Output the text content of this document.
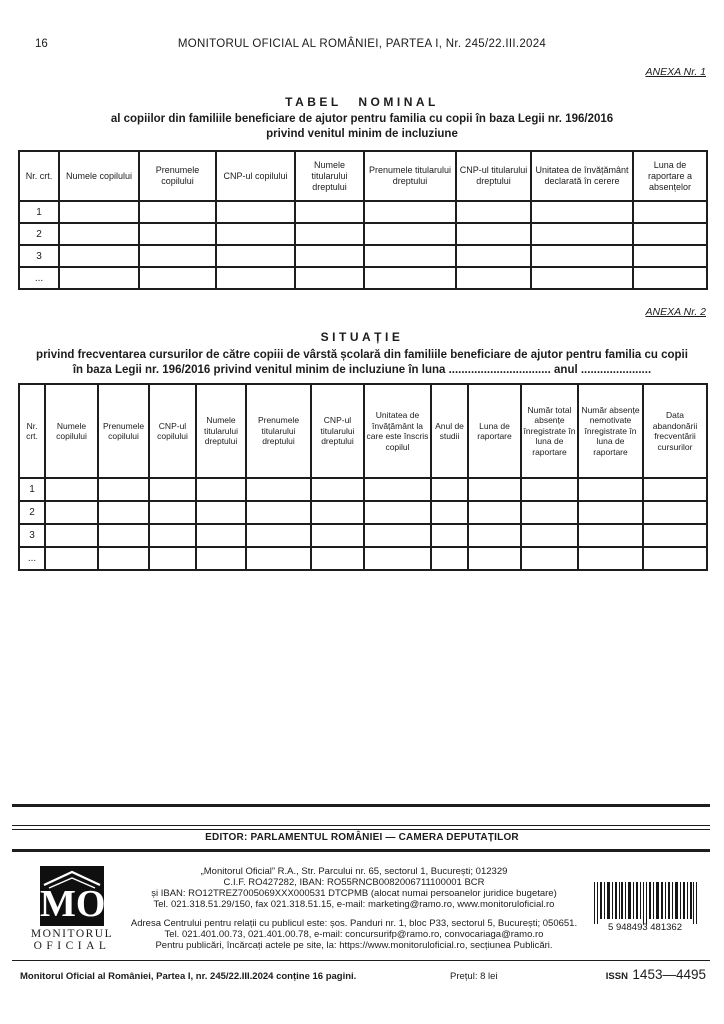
16	MONITORUL OFICIAL AL ROMÂNIEI, PARTEA I, Nr. 245/22.III.2024
ANEXA Nr. 1
TABEL NOMINAL
al copiilor din familiile beneficiare de ajutor pentru familia cu copii în baza Legii nr. 196/2016
privind venitul minim de incluziune
Nr. crt.	Numele copilului	Prenumele copilului	CNP-ul copilului	Numele titularului dreptului	Prenumele titularului dreptului	CNP-ul titularului dreptului	Unitatea de învățământ declarată în cerere	Luna de raportare a absențelor
1								
2								
3								
...								
ANEXA Nr. 2
SITUAȚIE
privind frecventarea cursurilor de către copiii de vârstă școlară din familiile beneficiare de ajutor pentru familia cu copii
în baza Legii nr. 196/2016 privind venitul minim de incluziune în luna ................................ anul ......................
Nr. crt.	Numele copilului	Prenumele copilului	CNP-ul copilului	Numele titularului dreptului	Prenumele titularului dreptului	CNP-ul titularului dreptului	Unitatea de învățământ la care este înscris copilul	Anul de studii	Luna de raportare	Număr total absențe înregistrate în luna de raportare	Număr absențe nemotivate înregistrate în luna de raportare	Data abandonării frecventării cursurilor
1												
2												
3												
...												
EDITOR: PARLAMENTUL ROMÂNIEI — CAMERA DEPUTAȚILOR
MO
MONITORUL
OFICIAL
„Monitorul Oficial” R.A., Str. Parcului nr. 65, sectorul 1, București; 012329
C.I.F. RO427282, IBAN: RO55RNCB0082006711100001 BCR
și IBAN: RO12TREZ7005069XXX000531 DTCPMB (alocat numai persoanelor juridice bugetare)
Tel. 021.318.51.29/150, fax 021.318.51.15, e-mail: marketing@ramo.ro, www.monitoruloficial.ro
Adresa Centrului pentru relații cu publicul este: șos. Panduri nr. 1, bloc P33, sectorul 5, București; 050651.
Tel. 021.401.00.73, 021.401.00.78, e-mail: concursurifp@ramo.ro, convocariaga@ramo.ro
Pentru publicări, încărcați actele pe site, la: https://www.monitoruloficial.ro, secțiunea Publicări.
5 948493 481362
Monitorul Oficial al României, Partea I, nr. 245/22.III.2024 conține 16 pagini.	Prețul: 8 lei	ISSN 1453—4495
